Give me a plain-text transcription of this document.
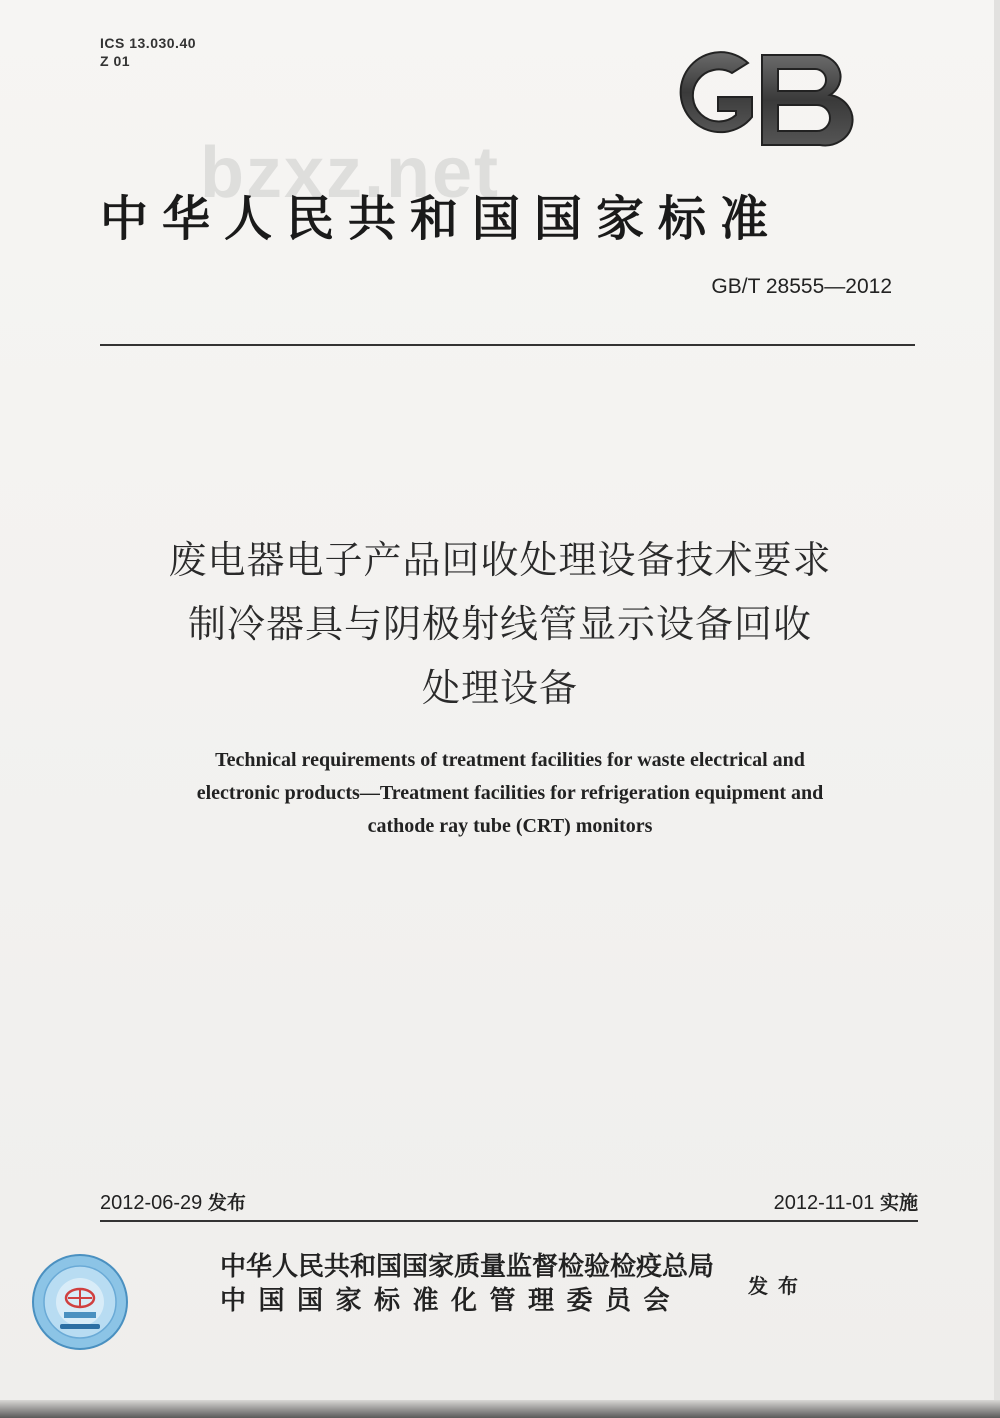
ICS 13.030.40
Z 01
bzxz.net
中华人民共和国国家标准
GB/T 28555—2012
废电器电子产品回收处理设备技术要求
制冷器具与阴极射线管显示设备回收
处理设备
Technical requirements of treatment facilities for waste electrical and
electronic products—Treatment facilities for refrigeration equipment and
cathode ray tube (CRT) monitors
2012-06-29 发布	2012-11-01 实施
中华人民共和国国家质量监督检验检疫总局
中国国家标准化管理委员会	发布
